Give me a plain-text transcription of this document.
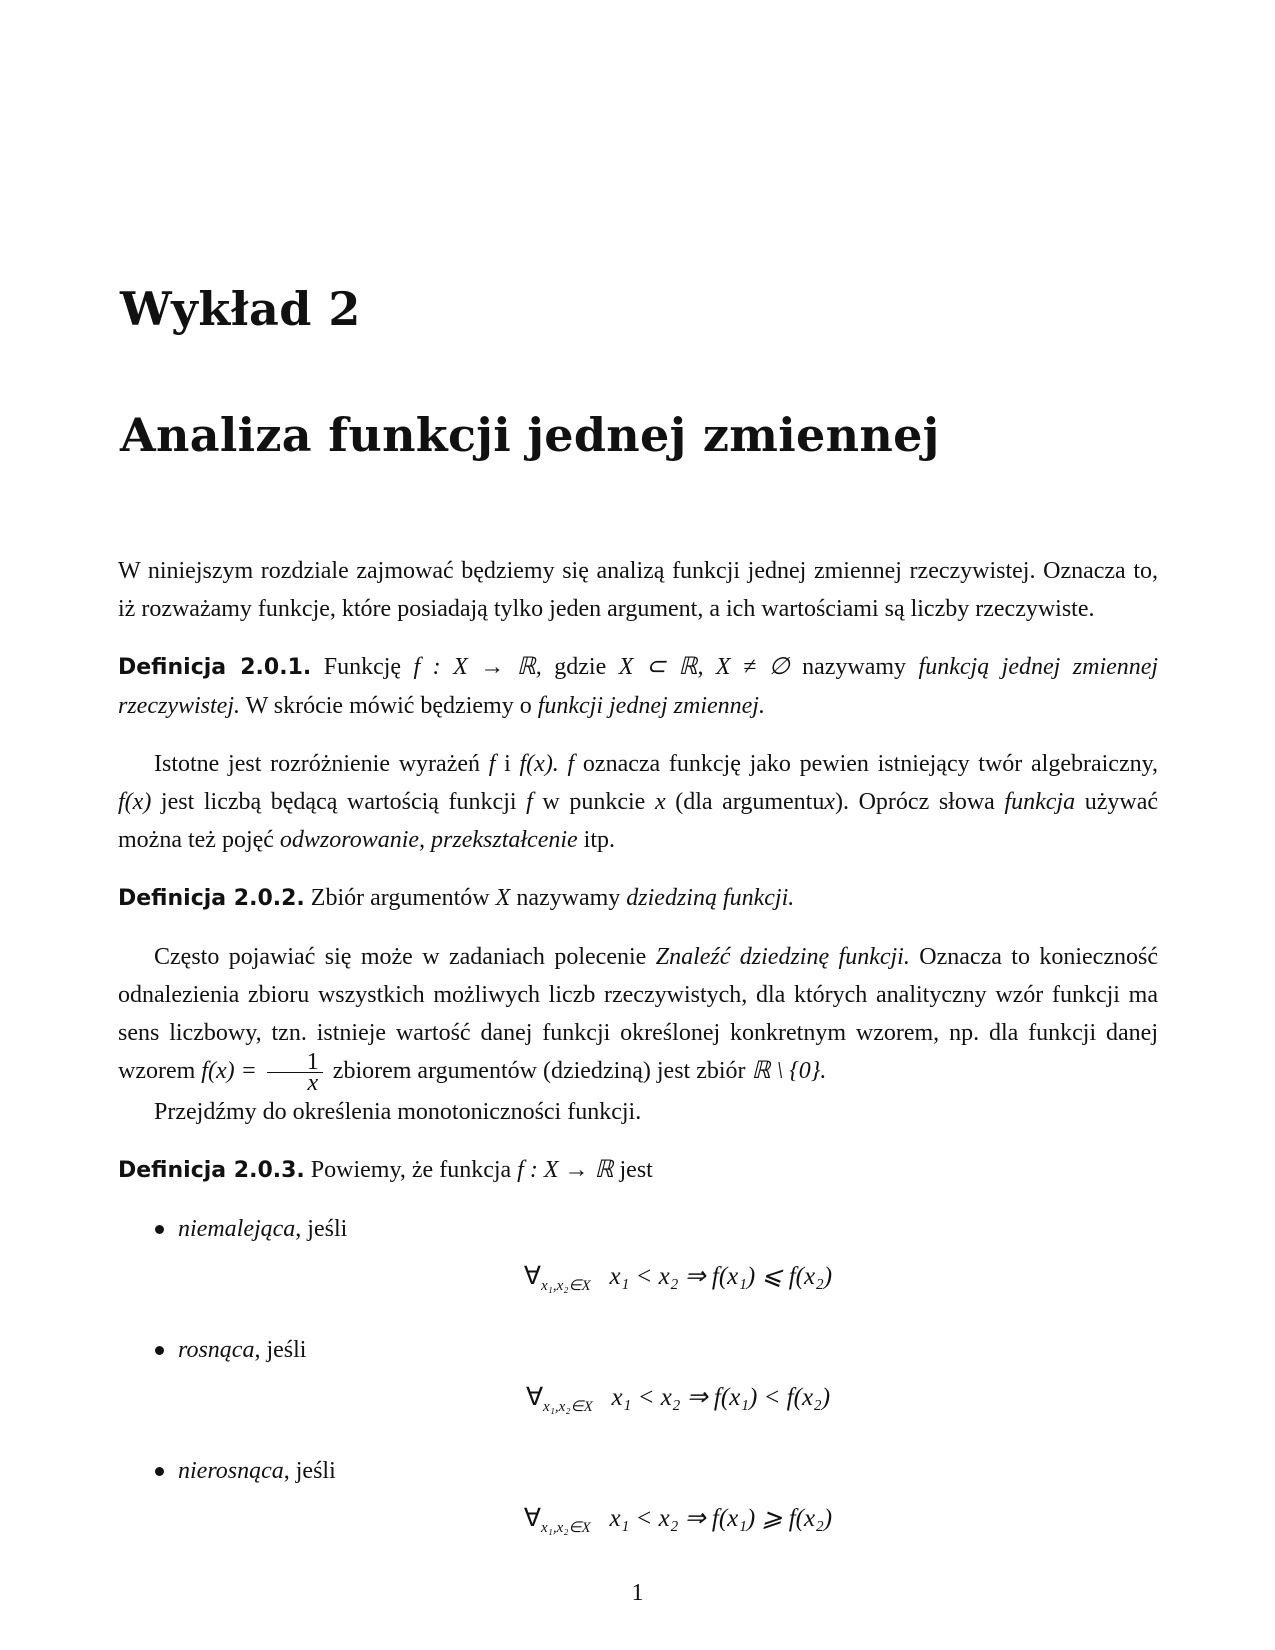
Wykład 2
Analiza funkcji jednej zmiennej

W niniejszym rozdziale zajmować będziemy się analizą funkcji jednej zmiennej rzeczywistej. Oznacza to, iż rozważamy funkcje, które posiadają tylko jeden argument, a ich wartościami są liczby rzeczywiste.

Definicja 2.0.1. Funkcję f : X → ℝ, gdzie X ⊂ ℝ, X ≠ ∅ nazywamy funkcją jednej zmiennej rzeczywistej. W skrócie mówić będziemy o funkcji jednej zmiennej.

Istotne jest rozróżnienie wyrażeń f i f(x). f oznacza funkcję jako pewien istniejący twór algebraiczny, f(x) jest liczbą będącą wartością funkcji f w punkcie x (dla argumentux). Oprócz słowa funkcja używać można też pojęć odwzorowanie, przekształcenie itp.

Definicja 2.0.2. Zbiór argumentów X nazywamy dziedziną funkcji.

Często pojawiać się może w zadaniach polecenie Znaleźć dziedzinę funkcji. Oznacza to konieczność odnalezienia zbioru wszystkich możliwych liczb rzeczywistych, dla których analityczny wzór funkcji ma sens liczbowy, tzn. istnieje wartość danej funkcji określonej konkretnym wzorem, np. dla funkcji danej wzorem $f(x) = \frac{1}{x}$ zbiorem argumentów (dziedziną) jest zbiór ℝ \ {0}.

Przejdźmy do określenia monotoniczności funkcji.

Definicja 2.0.3. Powiemy, że funkcja f : X → ℝ jest

niemalejąca, jeśli
$\forall_{x_1,x_2\in X}$ x₁ < x₂ ⇒ f(x₁) ⩽ f(x₂)
rosnąca, jeśli
$\forall_{x_1,x_2\in X}$ x₁ < x₂ ⇒ f(x₁) < f(x₂)
nierosnąca, jeśli
$\forall_{x_1,x_2\in X}$ x₁ < x₂ ⇒ f(x₁) ⩾ f(x₂)
1
